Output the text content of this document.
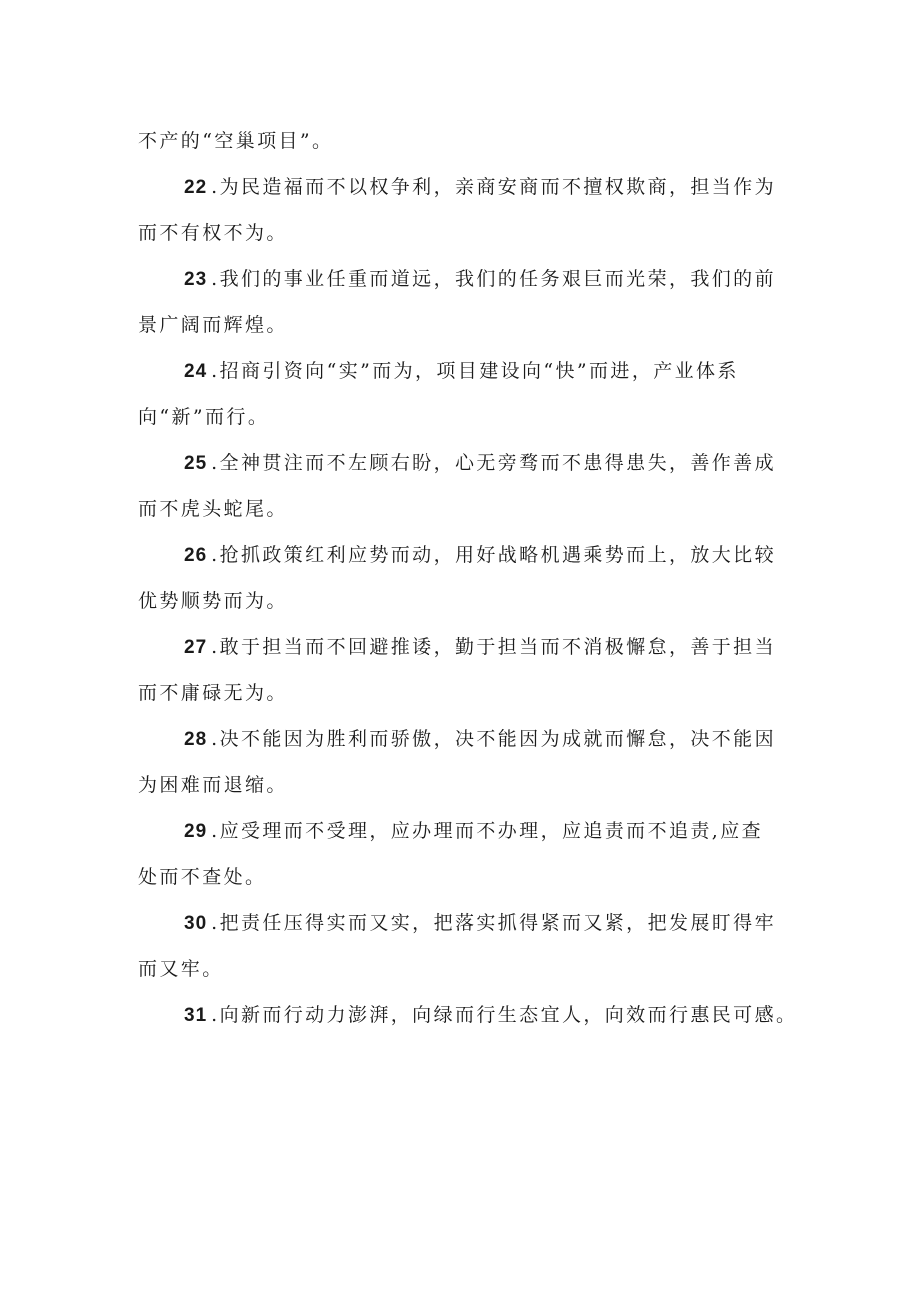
不产的“空巢项目”。
22 .为民造福而不以权争利，亲商安商而不擅权欺商，担当作为
而不有权不为。
23 .我们的事业任重而道远，我们的任务艰巨而光荣，我们的前
景广阔而辉煌。
24 .招商引资向“实”而为，项目建设向“快”而进，产业体系
向“新”而行。
25 .全神贯注而不左顾右盼，心无旁骛而不患得患失，善作善成
而不虎头蛇尾。
26 .抢抓政策红利应势而动，用好战略机遇乘势而上，放大比较
优势顺势而为。
27 .敢于担当而不回避推诿，勤于担当而不消极懈怠，善于担当
而不庸碌无为。
28 .决不能因为胜利而骄傲，决不能因为成就而懈怠，决不能因
为困难而退缩。
29 .应受理而不受理，应办理而不办理，应追责而不追责,应查
处而不查处。
30 .把责任压得实而又实，把落实抓得紧而又紧，把发展盯得牢
而又牢。
31 .向新而行动力澎湃，向绿而行生态宜人，向效而行惠民可感。
